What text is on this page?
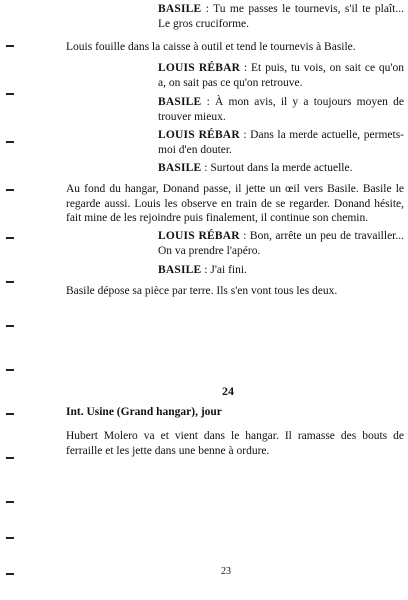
BASILE : Tu me passes le tournevis, s'il te plaît... Le gros cruciforme.
Louis fouille dans la caisse à outil et tend le tournevis à Basile.
LOUIS RÉBAR : Et puis, tu vois, on sait ce qu'on a, on sait pas ce qu'on retrouve.
BASILE : À mon avis, il y a toujours moyen de trouver mieux.
LOUIS RÉBAR : Dans la merde actuelle, permets-moi d'en douter.
BASILE : Surtout dans la merde actuelle.
Au fond du hangar, Donand passe, il jette un œil vers Basile. Basile le regarde aussi. Louis les observe en train de se regarder. Donand hésite, fait mine de les rejoindre puis finalement, il continue son chemin.
LOUIS RÉBAR : Bon, arrête un peu de travailler... On va prendre l'apéro.
BASILE : J'ai fini.
Basile dépose sa pièce par terre. Ils s'en vont tous les deux.
24
Int. Usine (Grand hangar), jour
Hubert Molero va et vient dans le hangar. Il ramasse des bouts de ferraille et les jette dans une benne à ordure.
23
